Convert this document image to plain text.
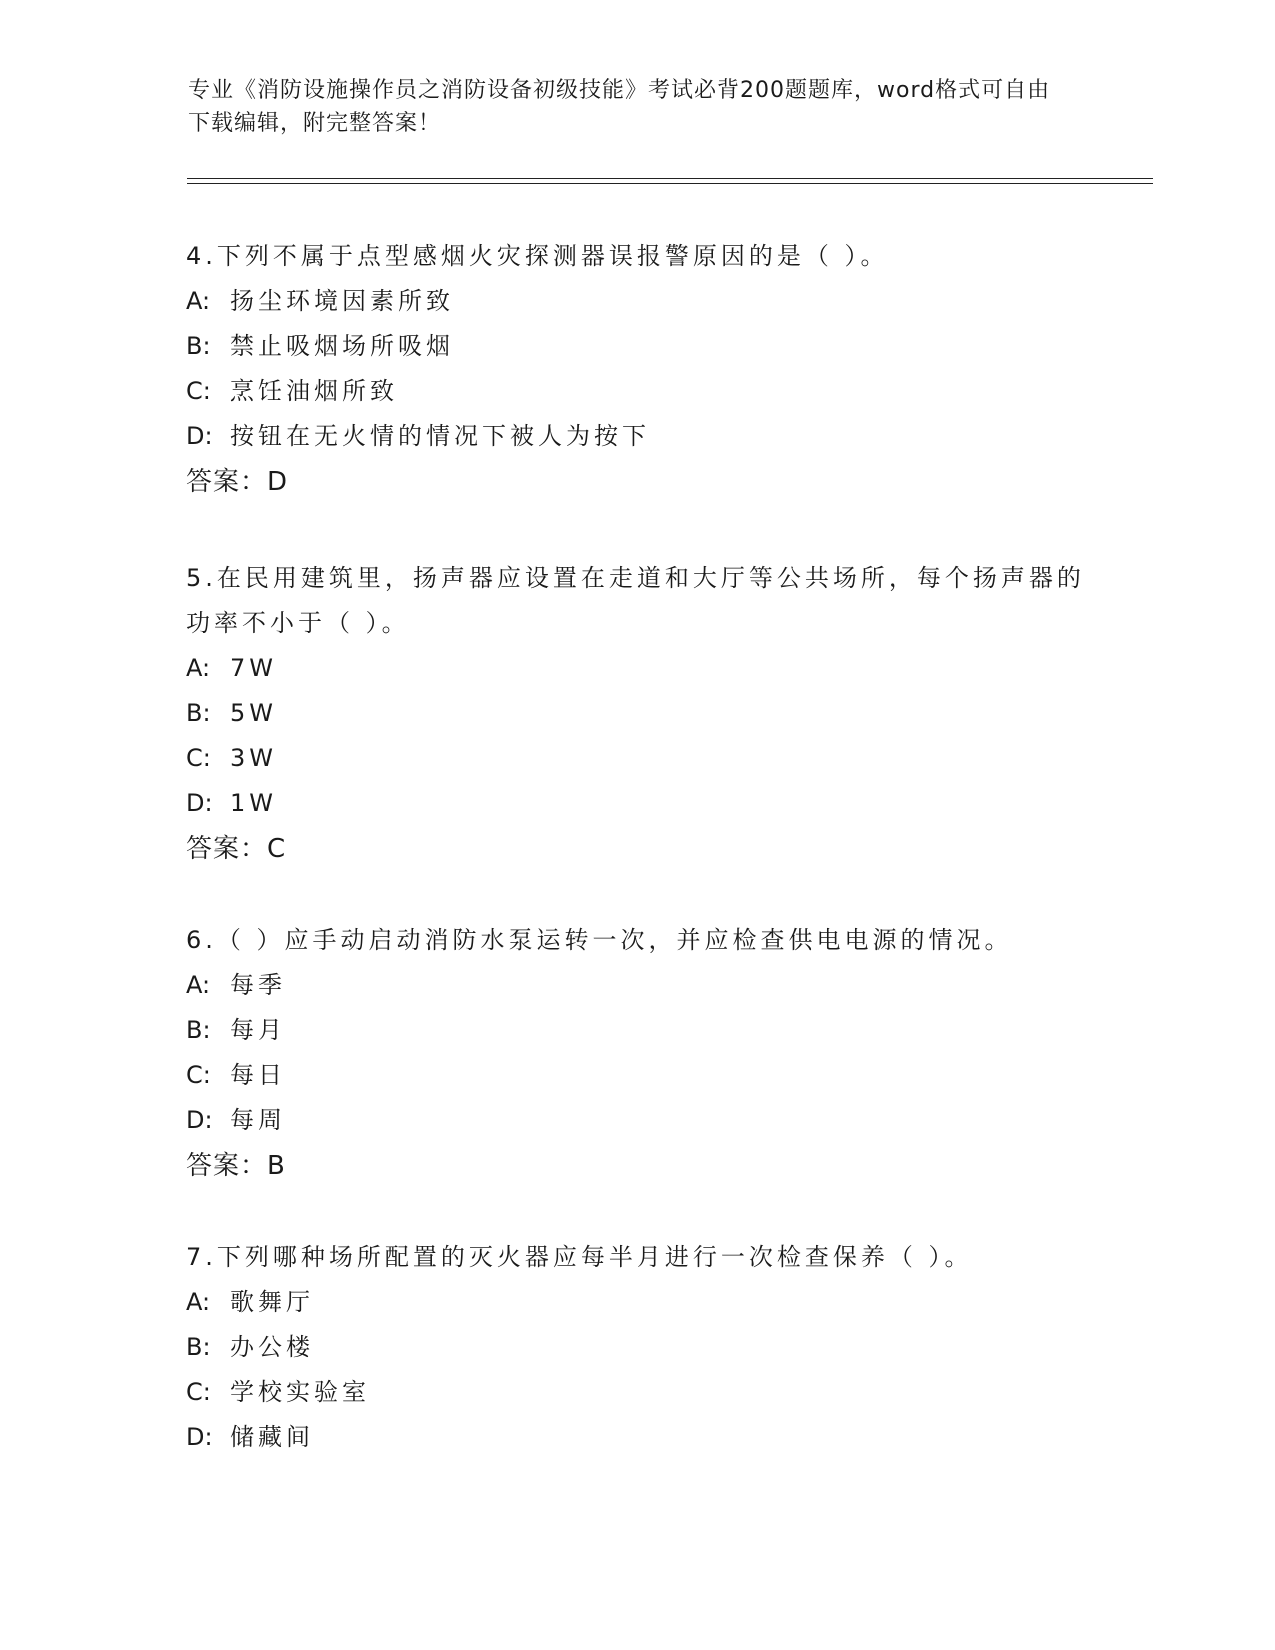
专业《消防设施操作员之消防设备初级技能》考试必背200题题库，word格式可自由下载编辑，附完整答案！
4.下列不属于点型感烟火灾探测器误报警原因的是（ ）。
A: 扬尘环境因素所致
B: 禁止吸烟场所吸烟
C: 烹饪油烟所致
D: 按钮在无火情的情况下被人为按下
答案：D
5.在民用建筑里，扬声器应设置在走道和大厅等公共场所，每个扬声器的功率不小于（ ）。
A: 7W
B: 5W
C: 3W
D: 1W
答案：C
6.（ ）应手动启动消防水泵运转一次，并应检查供电电源的情况。
A: 每季
B: 每月
C: 每日
D: 每周
答案：B
7.下列哪种场所配置的灭火器应每半月进行一次检查保养（ ）。
A: 歌舞厅
B: 办公楼
C: 学校实验室
D: 储藏间
